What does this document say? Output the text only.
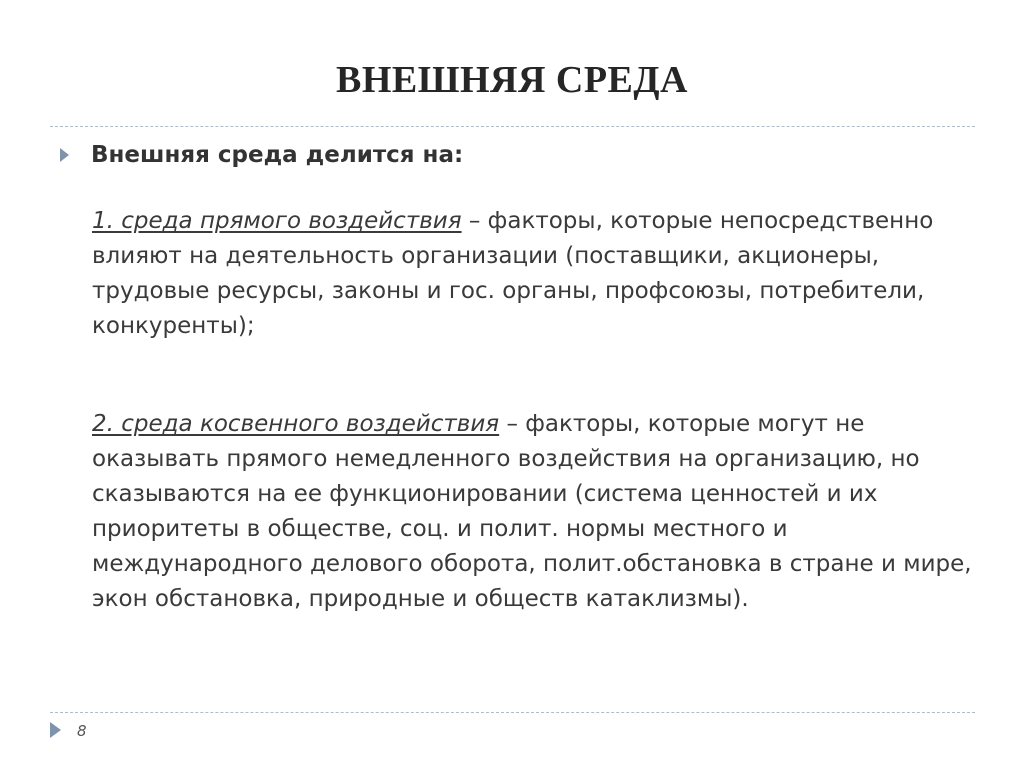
ВНЕШНЯЯ СРЕДА
Внешняя среда делится на:

1. среда прямого воздействия – факторы, которые непосредственно влияют на деятельность организации (поставщики, акционеры, трудовые ресурсы, законы и гос. органы, профсоюзы, потребители, конкуренты);

2. среда косвенного воздействия – факторы, которые могут не оказывать прямого немедленного воздействия на организацию, но сказываются на ее функционировании (система ценностей и их приоритеты в обществе, соц. и полит. нормы местного и международного делового оборота, полит.обстановка в стране и мире, экон обстановка, природные и обществ катаклизмы).

8
